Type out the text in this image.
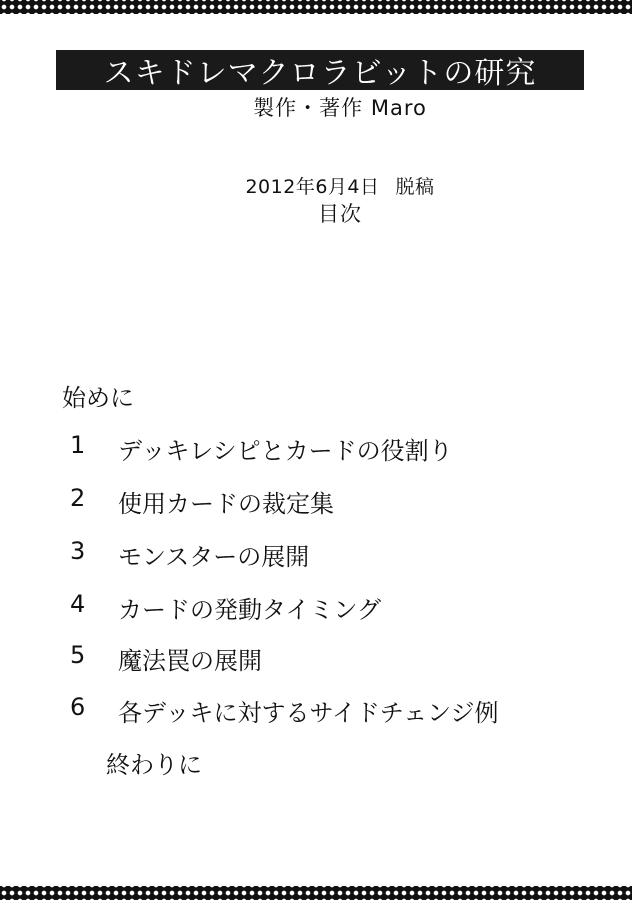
スキドレマクロラビットの研究
製作・著作 Maro
2012年6月4日 脱稿
目次
始めに
1 デッキレシピとカードの役割り
2 使用カードの裁定集
3 モンスターの展開
4 カードの発動タイミング
5 魔法罠の展開
6 各デッキに対するサイドチェンジ例
終わりに
